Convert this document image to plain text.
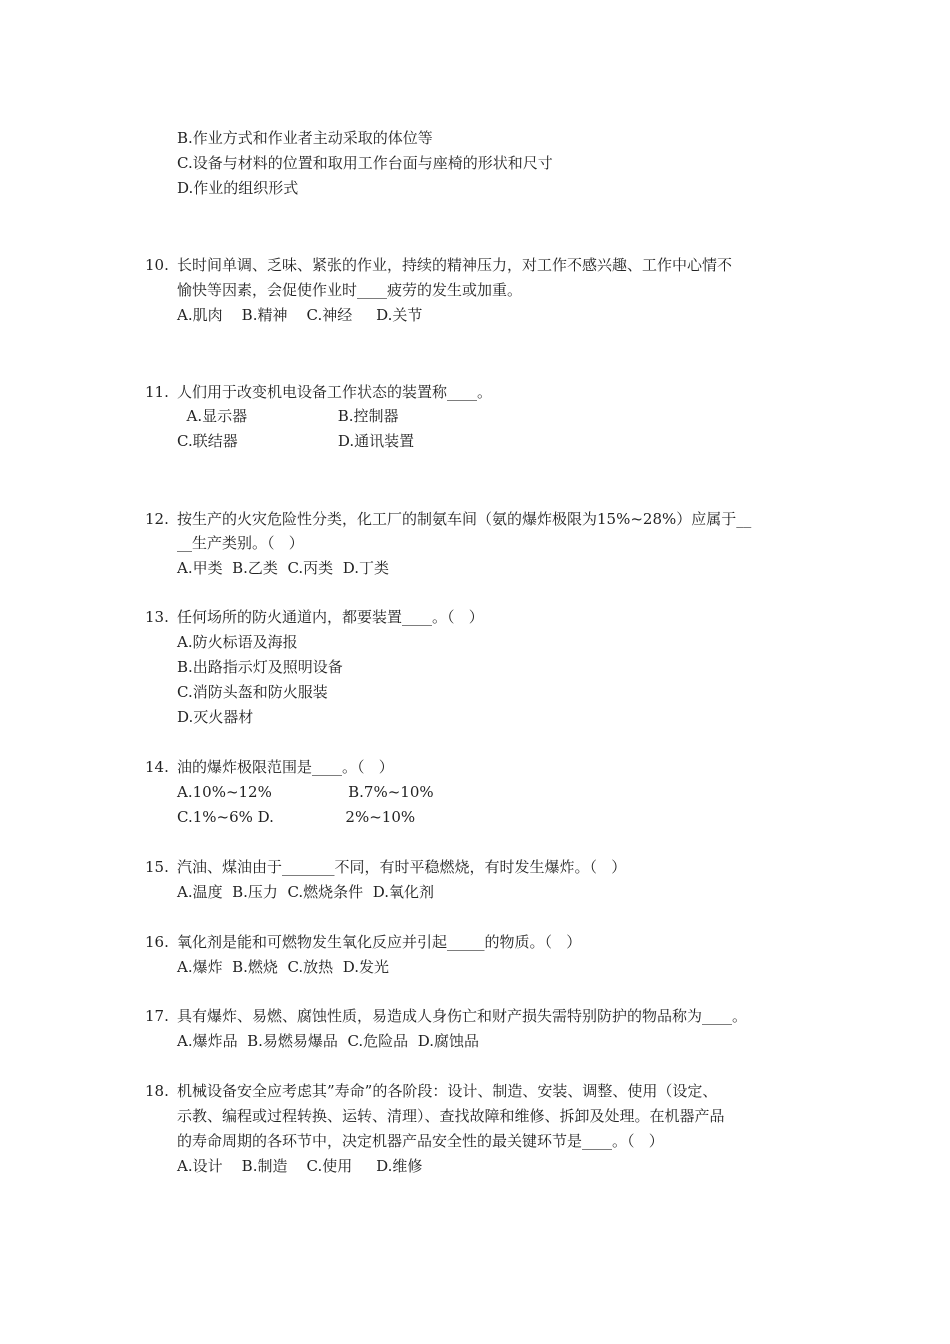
B.作业方式和作业者主动采取的体位等
C.设备与材料的位置和取用工作台面与座椅的形状和尺寸
D.作业的组织形式
10. 长时间单调、乏味、紧张的作业，持续的精神压力，对工作不感兴趣、工作中心情不
愉快等因素，会促使作业时____疲劳的发生或加重。
A.肌肉    B.精神    C.神经     D.关节
11. 人们用于改变机电设备工作状态的装置称____。
A.显示器                   B.控制器
C.联结器                     D.通讯装置
12. 按生产的火灾危险性分类，化工厂的制氨车间（氨的爆炸极限为15%~28%）应属于__
__生产类别。（   ）
A.甲类  B.乙类  C.丙类  D.丁类
13. 任何场所的防火通道内，都要装置____。（   ）
A.防火标语及海报
B.出路指示灯及照明设备
C.消防头盔和防火服装
D.灭火器材
14. 油的爆炸极限范围是____。（   ）
A.10%~12%                B.7%~10%
C.1%~6% D.               2%~10%
15. 汽油、煤油由于_______不同，有时平稳燃烧，有时发生爆炸。（   ）
A.温度  B.压力  C.燃烧条件  D.氧化剂
16. 氧化剂是能和可燃物发生氧化反应并引起_____的物质。（   ）
A.爆炸  B.燃烧  C.放热  D.发光
17. 具有爆炸、易燃、腐蚀性质，易造成人身伤亡和财产损失需特别防护的物品称为____。
A.爆炸品  B.易燃易爆品  C.危险品  D.腐蚀品
18. 机械设备安全应考虑其”寿命”的各阶段：设计、制造、安装、调整、使用（设定、
示教、编程或过程转换、运转、清理）、查找故障和维修、拆卸及处理。在机器产品
的寿命周期的各环节中，决定机器产品安全性的最关键环节是____。（   ）
A.设计    B.制造    C.使用     D.维修
